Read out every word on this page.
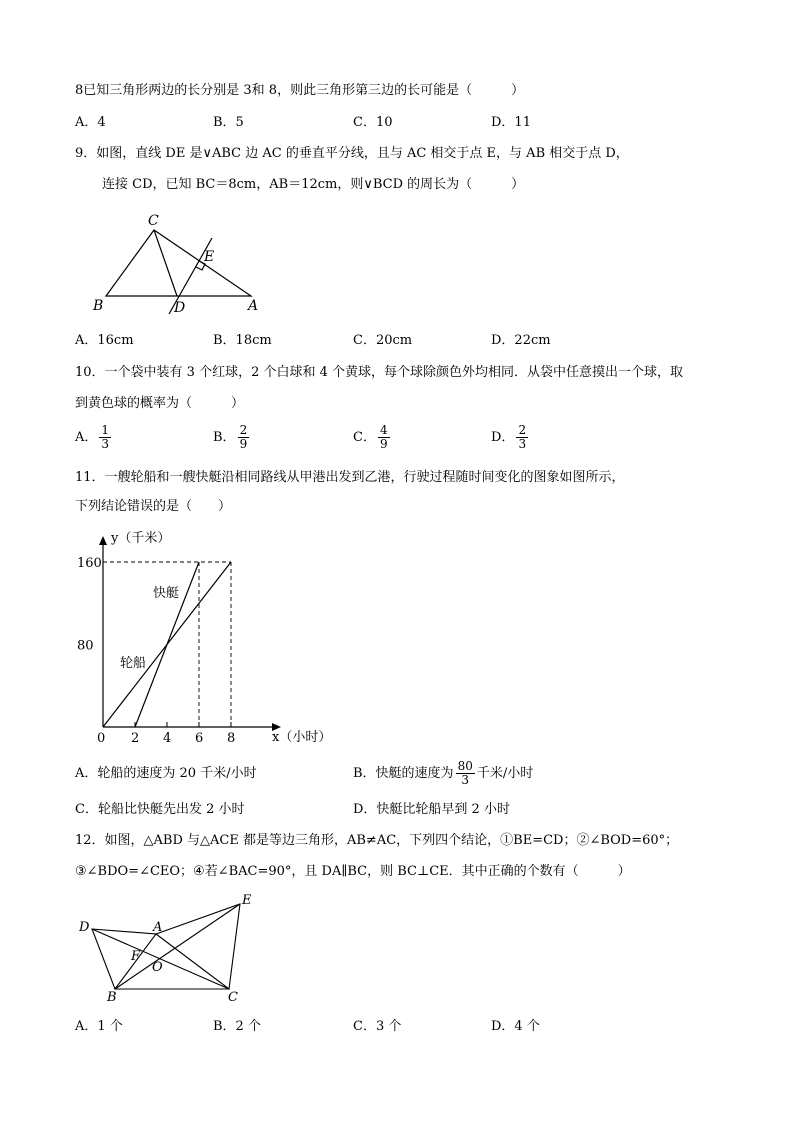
8已知三角形两边的长分别是 3和 8，则此三角形第三边的长可能是（　　　）
A．4	B．5	C．10	D．11
9．如图，直线 DE 是∨ABC 边 AC 的垂直平分线，且与 AC 相交于点 E，与 AB 相交于点 D，
连接 CD，已知 BC＝8cm，AB＝12cm，则∨BCD 的周长为（　　　）
C
E
B	D	A
A．16cm	B．18cm	C．20cm	D．22cm
10．一个袋中装有 3 个红球，2 个白球和 4 个黄球，每个球除颜色外均相同．从袋中任意摸出一个球，取
到黄色球的概率为（　　　）
A． $\frac{1}{3}$	B． $\frac{2}{9}$	C． $\frac{4}{9}$	D． $\frac{2}{3}$
11．一艘轮船和一艘快艇沿相同路线从甲港出发到乙港，行驶过程随时间变化的图象如图所示，
下列结论错误的是（　　）
y（千米）
x（小时）
快艇
轮船
0 2 4 6 8
80
160
A．轮船的速度为 20 千米/小时	B．快艇的速度为 $\frac{80}{3}$ 千米/小时
C．轮船比快艇先出发 2 小时	D．快艇比轮船早到 2 小时
12．如图，△ABD 与△ACE 都是等边三角形，AB≠AC，下列四个结论，①BE=CD；②∠BOD=60°；
③∠BDO=∠CEO；④若∠BAC=90°，且 DA∥BC，则 BC⊥CE．其中正确的个数有（　　　）
D	A
E
F
O
B	C
A．1 个	B．2 个	C．3 个	D．4 个
